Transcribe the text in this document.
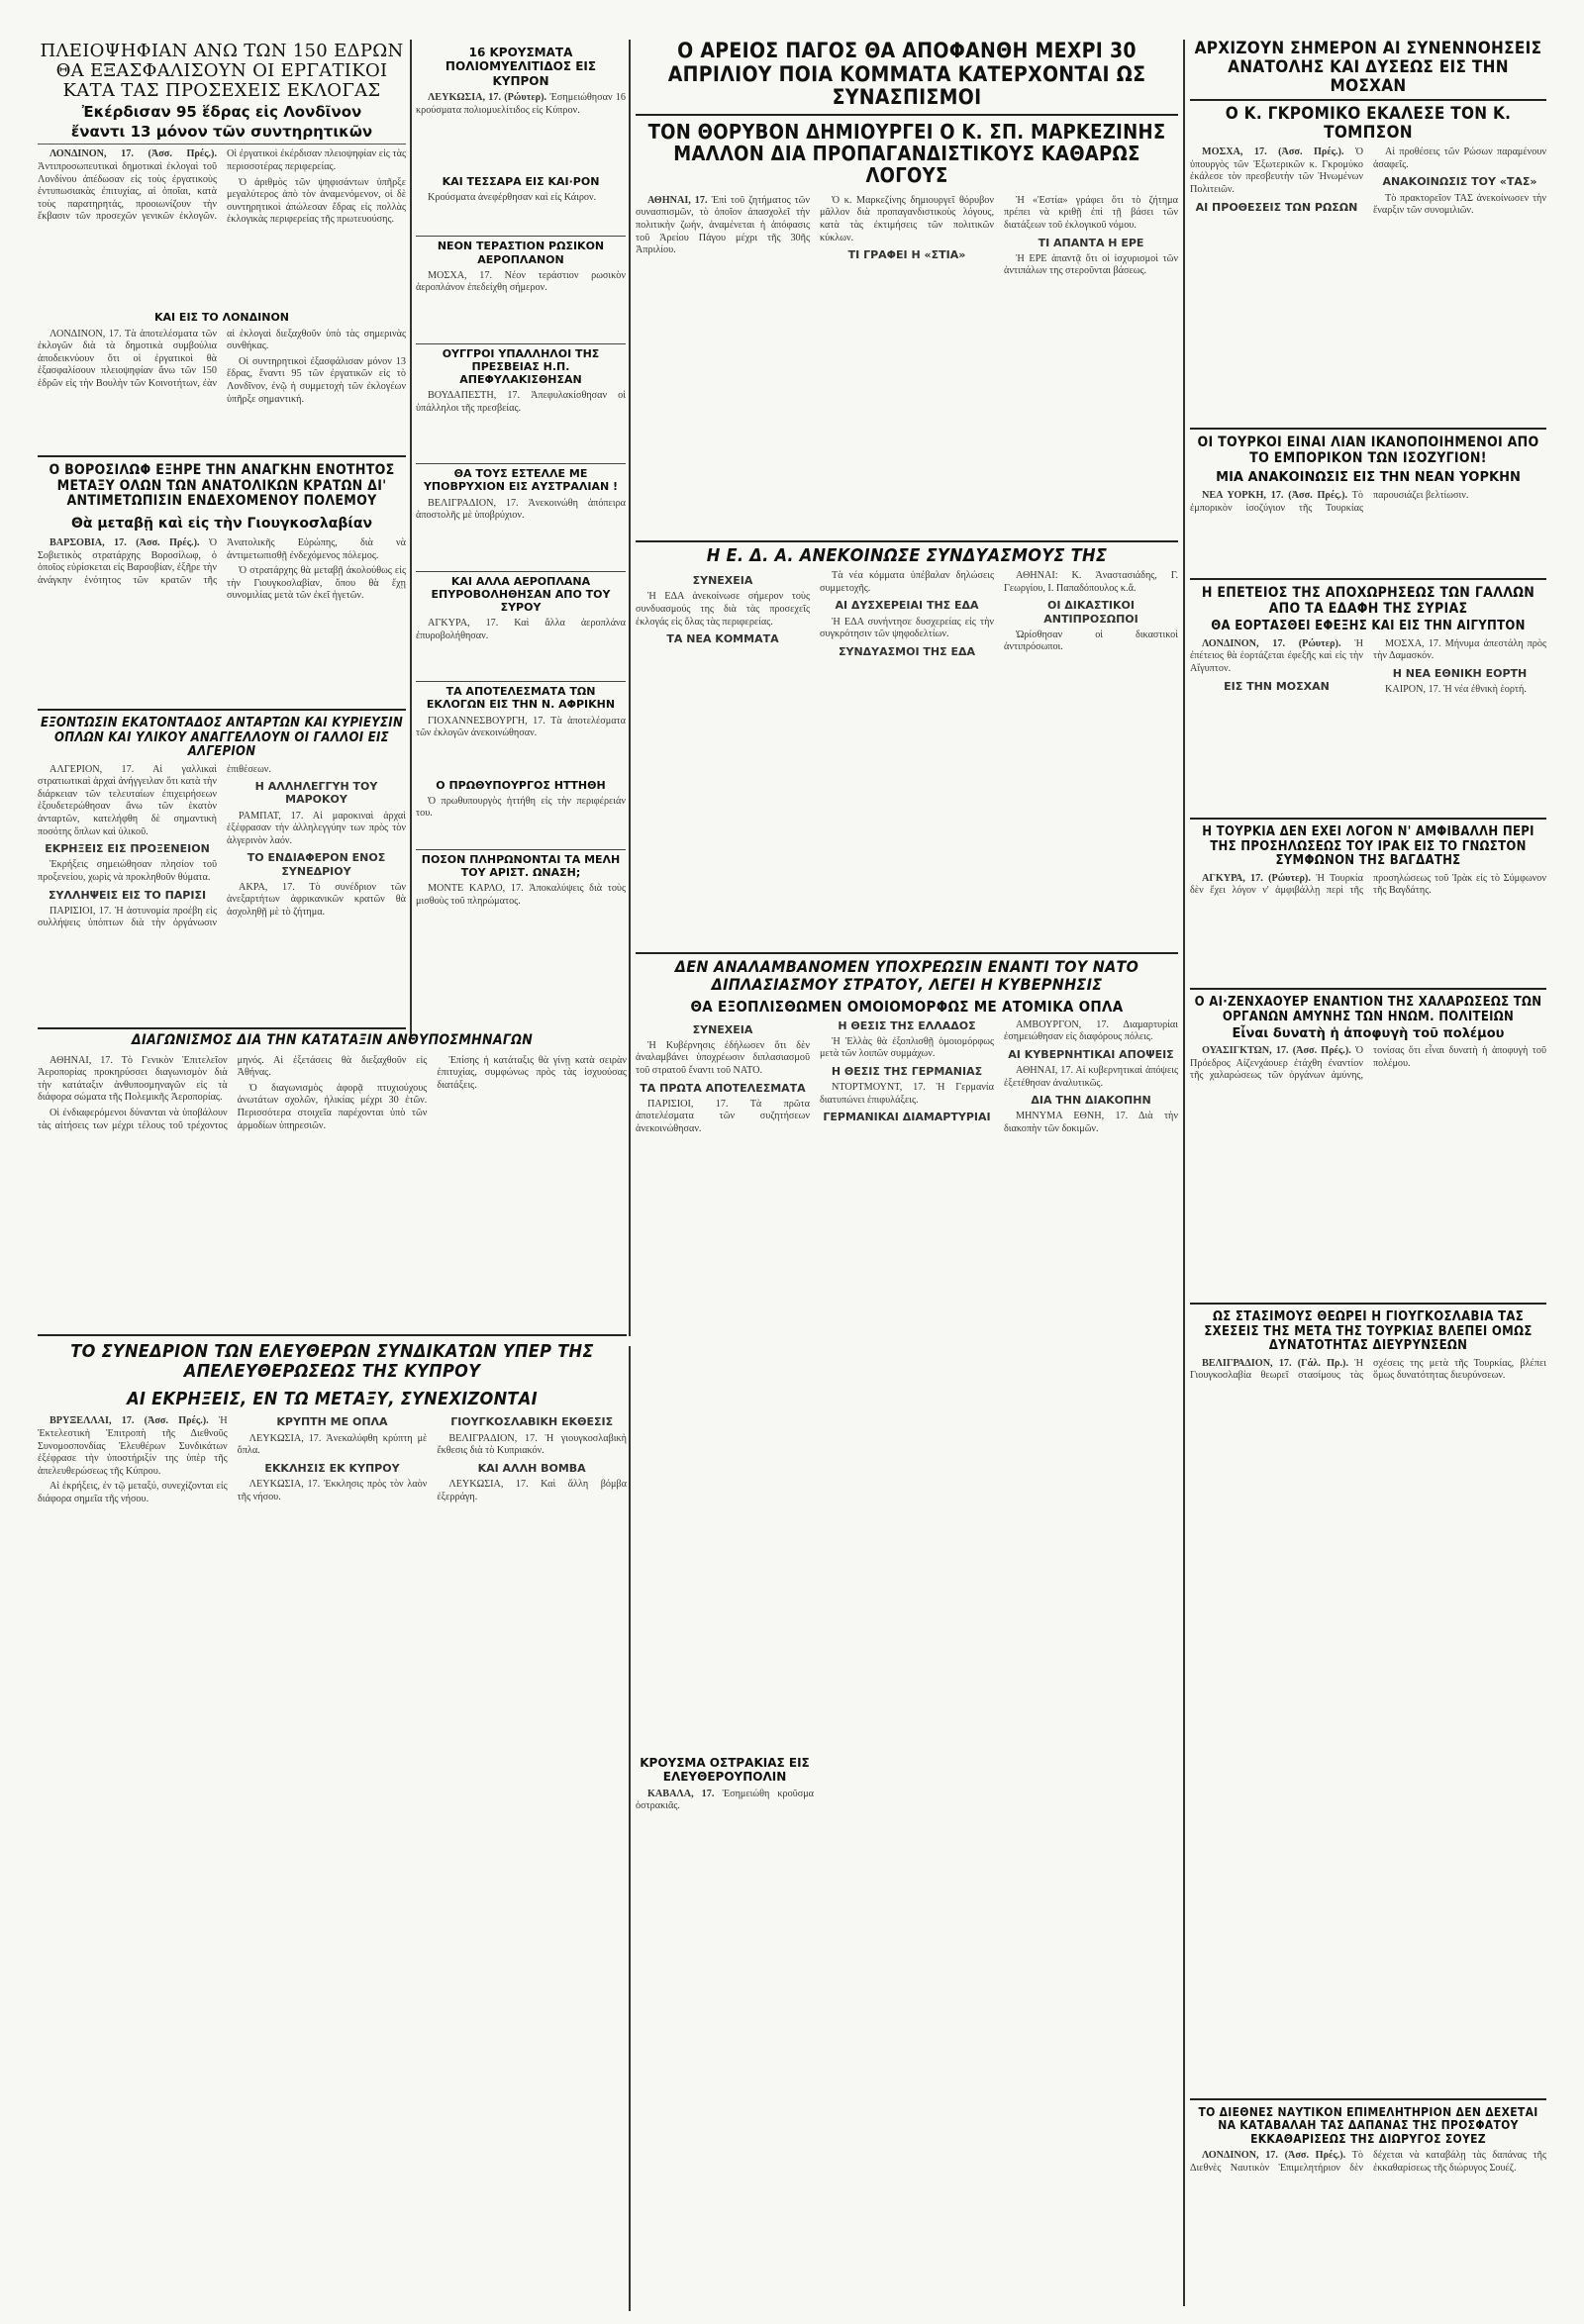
ΠΛΕΙΟΨΗΦΙΑΝ ΑΝΩ ΤΩΝ 150 ΕΔΡΩΝ ΘΑ ΕΞΑΣΦΑΛΙΣΟΥΝ ΟΙ ΕΡΓΑΤΙΚΟΙ ΚΑΤΑ ΤΑΣ ΠΡΟΣΕΧΕΙΣ ΕΚΛΟΓΑΣ
Ἐκέρδισαν 95 ἕδρας εἰς Λονδῖνον
ἔναντι 13 μόνον τῶν συντηρητικῶν

ΛΟΝΔΙΝΟΝ, 17. (Ἀσσ. Πρές.). Ἀντιπροσωπευτικαὶ δημοτικαὶ ἐκλογαὶ τοῦ Λονδίνου ἀπέδωσαν εἰς τοὺς ἐργατικοὺς ἐντυπωσιακὰς ἐπιτυχίας, αἱ ὁποῖαι, κατὰ τοὺς παρατηρητάς, προοιωνίζουν τὴν ἔκβασιν τῶν προσεχῶν γενικῶν ἐκλογῶν. Οἱ ἐργατικοὶ ἐκέρδισαν πλειοψηφίαν εἰς τὰς περισσοτέρας περιφερείας.

Ὁ ἀριθμὸς τῶν ψηφισάντων ὑπῆρξε μεγαλύτερος ἀπὸ τὸν ἀναμενόμενον, οἱ δὲ συντηρητικοὶ ἀπώλεσαν ἕδρας εἰς πολλὰς ἐκλογικὰς περιφερείας τῆς πρωτευούσης.

ΚΑΙ ΕΙΣ ΤΟ ΛΟΝΔΙΝΟΝ

ΛΟΝΔΙΝΟΝ, 17. Τὰ ἀποτελέσματα τῶν ἐκλογῶν διὰ τὰ δημοτικὰ συμβούλια ἀποδεικνύουν ὅτι οἱ ἐργατικοὶ θὰ ἐξασφαλίσουν πλειοψηφίαν ἄνω τῶν 150 ἑδρῶν εἰς τὴν Βουλὴν τῶν Κοινοτήτων, ἐὰν αἱ ἐκλογαὶ διεξαχθοῦν ὑπὸ τὰς σημερινὰς συνθήκας.

Οἱ συντηρητικοὶ ἐξασφάλισαν μόνον 13 ἕδρας, ἔναντι 95 τῶν ἐργατικῶν εἰς τὸ Λονδῖνον, ἐνῷ ἡ συμμετοχὴ τῶν ἐκλογέων ὑπῆρξε σημαντική.

Ο ΒΟΡΟΣΙΛΩΦ ΕΞΗΡΕ ΤΗΝ ΑΝΑΓΚΗΝ ΕΝΟΤΗΤΟΣ ΜΕΤΑΞΥ ΟΛΩΝ ΤΩΝ ΑΝΑΤΟΛΙΚΩΝ ΚΡΑΤΩΝ ΔΙ' ΑΝΤΙΜΕΤΩΠΙΣΙΝ ΕΝΔΕΧΟΜΕΝΟΥ ΠΟΛΕΜΟΥ
Θὰ μεταβῇ καὶ εἰς τὴν Γιουγκοσλαβίαν

ΒΑΡΣΟΒΙΑ, 17. (Ἀσσ. Πρές.). Ὁ Σοβιετικὸς στρατάρχης Βοροσίλωφ, ὁ ὁποῖος εὑρίσκεται εἰς Βαρσοβίαν, ἐξῆρε τὴν ἀνάγκην ἑνότητος τῶν κρατῶν τῆς Ἀνατολικῆς Εὐρώπης, διὰ νὰ ἀντιμετωπισθῇ ἐνδεχόμενος πόλεμος.

Ὁ στρατάρχης θὰ μεταβῇ ἀκολούθως εἰς τὴν Γιουγκοσλαβίαν, ὅπου θὰ ἔχῃ συνομιλίας μετὰ τῶν ἐκεῖ ἡγετῶν.

ΕΞΟΝΤΩΣΙΝ ΕΚΑΤΟΝΤΑΔΟΣ ΑΝΤΑΡΤΩΝ ΚΑΙ ΚΥΡΙΕΥΣΙΝ ΟΠΛΩΝ ΚΑΙ ΥΛΙΚΟΥ ΑΝΑΓΓΕΛΛΟΥΝ ΟΙ ΓΑΛΛΟΙ ΕΙΣ ΑΛΓΕΡΙΟΝ

ΑΛΓΕΡΙΟΝ, 17. Αἱ γαλλικαὶ στρατιωτικαὶ ἀρχαὶ ἀνήγγειλαν ὅτι κατὰ τὴν διάρκειαν τῶν τελευταίων ἐπιχειρήσεων ἐξουδετερώθησαν ἄνω τῶν ἑκατὸν ἀνταρτῶν, κατελήφθη δὲ σημαντικὴ ποσότης ὅπλων καὶ ὑλικοῦ.

ΕΚΡΗΞΕΙΣ ΕΙΣ ΠΡΟΞΕΝΕΙΟΝ

Ἐκρήξεις σημειώθησαν πλησίον τοῦ προξενείου, χωρὶς νὰ προκληθοῦν θύματα.

ΣΥΛΛΗΨΕΙΣ ΕΙΣ ΤΟ ΠΑΡΙΣΙ

ΠΑΡΙΣΙΟΙ, 17. Ἡ ἀστυνομία προέβη εἰς συλλήψεις ὑπόπτων διὰ τὴν ὀργάνωσιν ἐπιθέσεων.

Η ΑΛΛΗΛΕΓΓΥΗ ΤΟΥ ΜΑΡΟΚΟΥ

ΡΑΜΠΑΤ, 17. Αἱ μαροκιναὶ ἀρχαὶ ἐξέφρασαν τὴν ἀλληλεγγύην των πρὸς τὸν ἀλγερινὸν λαόν.

ΤΟ ΕΝΔΙΑΦΕΡΟΝ ΕΝΟΣ ΣΥΝΕΔΡΙΟΥ

ΑΚΡΑ, 17. Τὸ συνέδριον τῶν ἀνεξαρτήτων ἀφρικανικῶν κρατῶν θὰ ἀσχοληθῇ μὲ τὸ ζήτημα.

ΔΙΑΓΩΝΙΣΜΟΣ ΔΙΑ ΤΗΝ ΚΑΤΑΤΑΞΙΝ ΑΝΘΥΠΟΣΜΗΝΑΓΩΝ

ΑΘΗΝΑΙ, 17. Τὸ Γενικὸν Ἐπιτελεῖον Ἀεροπορίας προκηρύσσει διαγωνισμὸν διὰ τὴν κατάταξιν ἀνθυποσμηναγῶν εἰς τὰ διάφορα σώματα τῆς Πολεμικῆς Ἀεροπορίας.

Οἱ ἐνδιαφερόμενοι δύνανται νὰ ὑποβάλουν τὰς αἰτήσεις των μέχρι τέλους τοῦ τρέχοντος μηνός. Αἱ ἐξετάσεις θὰ διεξαχθοῦν εἰς Ἀθήνας.

Ὁ διαγωνισμὸς ἀφορᾷ πτυχιούχους ἀνωτάτων σχολῶν, ἡλικίας μέχρι 30 ἐτῶν. Περισσότερα στοιχεῖα παρέχονται ὑπὸ τῶν ἀρμοδίων ὑπηρεσιῶν.

Ἐπίσης ἡ κατάταξις θὰ γίνῃ κατὰ σειρὰν ἐπιτυχίας, συμφώνως πρὸς τὰς ἰσχυούσας διατάξεις.

16 ΚΡΟΥΣΜΑΤΑ ΠΟΛΙΟΜΥΕΛΙΤΙΔΟΣ ΕΙΣ ΚΥΠΡΟΝ

ΛΕΥΚΩΣΙΑ, 17. (Ρώυτερ). Ἐσημειώθησαν 16 κρούσματα πολιομυελίτιδος εἰς Κύπρον.

ΚΑΙ ΤΕΣΣΑΡΑ ΕΙΣ ΚΑΙ·ΡΟΝ

Κρούσματα ἀνεφέρθησαν καὶ εἰς Κάιρον.

ΝΕΟΝ ΤΕΡΑΣΤΙΟΝ ΡΩΣΙΚΟΝ ΑΕΡΟΠΛΑΝΟΝ

ΜΟΣΧΑ, 17. Νέον τεράστιον ρωσικὸν ἀεροπλάνον ἐπεδείχθη σήμερον.

ΟΥΓΓΡΟΙ ΥΠΑΛΛΗΛΟΙ ΤΗΣ ΠΡΕΣΒΕΙΑΣ Η.Π. ΑΠΕΦΥΛΑΚΙΣΘΗΣΑΝ

ΒΟΥΔΑΠΕΣΤΗ, 17. Ἀπεφυλακίσθησαν οἱ ὑπάλληλοι τῆς πρεσβείας.

ΘΑ ΤΟΥΣ ΕΣΤΕΛΛΕ ΜΕ ΥΠΟΒΡΥΧΙΟΝ ΕΙΣ ΑΥΣΤΡΑΛΙΑΝ !

ΒΕΛΙΓΡΑΔΙΟΝ, 17. Ἀνεκοινώθη ἀπόπειρα ἀποστολῆς μὲ ὑποβρύχιον.

ΚΑΙ ΑΛΛΑ ΑΕΡΟΠΛΑΝΑ ΕΠΥΡΟΒΟΛΗΘΗΣΑΝ ΑΠΟ ΤΟΥ ΣΥΡΟΥ

ΑΓΚΥΡΑ, 17. Καὶ ἄλλα ἀεροπλάνα ἐπυροβολήθησαν.

ΤΑ ΑΠΟΤΕΛΕΣΜΑΤΑ ΤΩΝ ΕΚΛΟΓΩΝ ΕΙΣ ΤΗΝ Ν. ΑΦΡΙΚΗΝ

ΓΙΟΧΑΝΝΕΣΒΟΥΡΓΗ, 17. Τὰ ἀποτελέσματα τῶν ἐκλογῶν ἀνεκοινώθησαν.

Ο ΠΡΩΘΥΠΟΥΡΓΟΣ ΗΤΤΗΘΗ

Ὁ πρωθυπουργὸς ἡττήθη εἰς τὴν περιφέρειάν του.

ΠΟΣΟΝ ΠΛΗΡΩΝΟΝΤΑΙ ΤΑ ΜΕΛΗ ΤΟΥ ΑΡΙΣΤ. ΩΝΑΣΗ;

ΜΟΝΤΕ ΚΑΡΛΟ, 17. Ἀποκαλύψεις διὰ τοὺς μισθοὺς τοῦ πληρώματος.

Ο ΑΡΕΙΟΣ ΠΑΓΟΣ ΘΑ ΑΠΟΦΑΝΘΗ ΜΕΧΡΙ 30 ΑΠΡΙΛΙΟΥ ΠΟΙΑ ΚΟΜΜΑΤΑ ΚΑΤΕΡΧΟΝΤΑΙ ΩΣ ΣΥΝΑΣΠΙΣΜΟΙ
ΤΟΝ ΘΟΡΥΒΟΝ ΔΗΜΙΟΥΡΓΕΙ Ο Κ. ΣΠ. ΜΑΡΚΕΖΙΝΗΣ ΜΑΛΛΟΝ ΔΙΑ ΠΡΟΠΑΓΑΝΔΙΣΤΙΚΟΥΣ ΚΑΘΑΡΩΣ ΛΟΓΟΥΣ

ΑΘΗΝΑΙ, 17. Ἐπὶ τοῦ ζητήματος τῶν συνασπισμῶν, τὸ ὁποῖον ἀπασχολεῖ τὴν πολιτικὴν ζωήν, ἀναμένεται ἡ ἀπόφασις τοῦ Ἀρείου Πάγου μέχρι τῆς 30ῆς Ἀπριλίου.

Ὁ κ. Μαρκεζίνης δημιουργεῖ θόρυβον μᾶλλον διὰ προπαγανδιστικοὺς λόγους, κατὰ τὰς ἐκτιμήσεις τῶν πολιτικῶν κύκλων.

ΤΙ ΓΡΑΦΕΙ Η «ΣΤΙΑ»

Ἡ «Ἑστία» γράφει ὅτι τὸ ζήτημα πρέπει νὰ κριθῇ ἐπὶ τῇ βάσει τῶν διατάξεων τοῦ ἐκλογικοῦ νόμου.

ΤΙ ΑΠΑΝΤΑ Η ΕΡΕ

Ἡ ΕΡΕ ἀπαντᾷ ὅτι οἱ ἰσχυρισμοὶ τῶν ἀντιπάλων της στεροῦνται βάσεως.

Η Ε. Δ. Α. ΑΝΕΚΟΙΝΩΣΕ ΣΥΝΔΥΑΣΜΟΥΣ ΤΗΣ
ΣΥΝΕΧΕΙΑ

Ἡ ΕΔΑ ἀνεκοίνωσε σήμερον τοὺς συνδυασμούς της διὰ τὰς προσεχεῖς ἐκλογάς εἰς ὅλας τὰς περιφερείας.

ΤΑ ΝΕΑ ΚΟΜΜΑΤΑ

Τὰ νέα κόμματα ὑπέβαλαν δηλώσεις συμμετοχῆς.

ΑΙ ΔΥΣΧΕΡΕΙΑΙ ΤΗΣ ΕΔΑ

Ἡ ΕΔΑ συνήντησε δυσχερείας εἰς τὴν συγκρότησιν τῶν ψηφοδελτίων.

ΣΥΝΔΥΑΣΜΟΙ ΤΗΣ ΕΔΑ

ΑΘΗΝΑΙ: Κ. Ἀναστασιάδης, Γ. Γεωργίου, Ι. Παπαδόπουλος κ.ἄ.

ΟΙ ΔΙΚΑΣΤΙΚΟΙ ΑΝΤΙΠΡΟΣΩΠΟΙ

Ὡρίσθησαν οἱ δικαστικοὶ ἀντιπρόσωποι.

ΔΕΝ ΑΝΑΛΑΜΒΑΝΟΜΕΝ ΥΠΟΧΡΕΩΣΙΝ ΕΝΑΝΤΙ ΤΟΥ ΝΑΤΟ ΔΙΠΛΑΣΙΑΣΜΟΥ ΣΤΡΑΤΟΥ, ΛΕΓΕΙ Η ΚΥΒΕΡΝΗΣΙΣ
ΘΑ ΕΞΟΠΛΙΣΘΩΜΕΝ ΟΜΟΙΟΜΟΡΦΩΣ ΜΕ ΑΤΟΜΙΚΑ ΟΠΛΑ
ΣΥΝΕΧΕΙΑ

Ἡ Κυβέρνησις ἐδήλωσεν ὅτι δὲν ἀναλαμβάνει ὑποχρέωσιν διπλασιασμοῦ τοῦ στρατοῦ ἔναντι τοῦ ΝΑΤΟ.

ΤΑ ΠΡΩΤΑ ΑΠΟΤΕΛΕΣΜΑΤΑ

ΠΑΡΙΣΙΟΙ, 17. Τὰ πρῶτα ἀποτελέσματα τῶν συζητήσεων ἀνεκοινώθησαν.

Η ΘΕΣΙΣ ΤΗΣ ΕΛΛΑΔΟΣ

Ἡ Ἑλλὰς θὰ ἐξοπλισθῇ ὁμοιομόρφως μετὰ τῶν λοιπῶν συμμάχων.

Η ΘΕΣΙΣ ΤΗΣ ΓΕΡΜΑΝΙΑΣ

ΝΤΟΡΤΜΟΥΝΤ, 17. Ἡ Γερμανία διατυπώνει ἐπιφυλάξεις.

ΓΕΡΜΑΝΙΚΑΙ ΔΙΑΜΑΡΤΥΡΙΑΙ

ΑΜΒΟΥΡΓΟΝ, 17. Διαμαρτυρίαι ἐσημειώθησαν εἰς διαφόρους πόλεις.

ΑΙ ΚΥΒΕΡΝΗΤΙΚΑΙ ΑΠΟΨΕΙΣ

ΑΘΗΝΑΙ, 17. Αἱ κυβερνητικαὶ ἀπόψεις ἐξετέθησαν ἀναλυτικῶς.

ΔΙΑ ΤΗΝ ΔΙΑΚΟΠΗΝ

ΜΗΝΥΜΑ ΕΘΝΗ, 17. Διὰ τὴν διακοπὴν τῶν δοκιμῶν.

ΚΡΟΥΣΜΑ ΟΣΤΡΑΚΙΑΣ ΕΙΣ ΕΛΕΥΘΕΡΟΥΠΟΛΙΝ

ΚΑΒΑΛΑ, 17. Ἐσημειώθη κροῦσμα ὀστρακιᾶς.

ΤΟ ΣΥΝΕΔΡΙΟΝ ΤΩΝ ΕΛΕΥΘΕΡΩΝ ΣΥΝΔΙΚΑΤΩΝ ΥΠΕΡ ΤΗΣ ΑΠΕΛΕΥΘΕΡΩΣΕΩΣ ΤΗΣ ΚΥΠΡΟΥ
ΑΙ ΕΚΡΗΞΕΙΣ, ΕΝ ΤΩ ΜΕΤΑΞΥ, ΣΥΝΕΧΙΖΟΝΤΑΙ

ΒΡΥΞΕΛΛΑΙ, 17. (Ἀσσ. Πρές.). Ἡ Ἐκτελεστικὴ Ἐπιτροπὴ τῆς Διεθνοῦς Συνομοσπονδίας Ἐλευθέρων Συνδικάτων ἐξέφρασε τὴν ὑποστήριξίν της ὑπὲρ τῆς ἀπελευθερώσεως τῆς Κύπρου.

Αἱ ἐκρήξεις, ἐν τῷ μεταξύ, συνεχίζονται εἰς διάφορα σημεῖα τῆς νήσου.

ΚΡΥΠΤΗ ΜΕ ΟΠΛΑ

ΛΕΥΚΩΣΙΑ, 17. Ἀνεκαλύφθη κρύπτη μὲ ὅπλα.

ΕΚΚΛΗΣΙΣ ΕΚ ΚΥΠΡΟΥ

ΛΕΥΚΩΣΙΑ, 17. Ἐκκλησις πρὸς τὸν λαὸν τῆς νήσου.

ΓΙΟΥΓΚΟΣΛΑΒΙΚΗ ΕΚΘΕΣΙΣ

ΒΕΛΙΓΡΑΔΙΟΝ, 17. Ἡ γιουγκοσλαβικὴ ἔκθεσις διὰ τὸ Κυπριακόν.

ΚΑΙ ΑΛΛΗ ΒΟΜΒΑ

ΛΕΥΚΩΣΙΑ, 17. Καὶ ἄλλη βόμβα ἐξερράγη.

ΑΡΧΙΖΟΥΝ ΣΗΜΕΡΟΝ ΑΙ ΣΥΝΕΝΝΟΗΣΕΙΣ ΑΝΑΤΟΛΗΣ ΚΑΙ ΔΥΣΕΩΣ ΕΙΣ ΤΗΝ ΜΟΣΧΑΝ
Ο Κ. ΓΚΡΟΜΙΚΟ ΕΚΑΛΕΣΕ ΤΟΝ Κ. ΤΟΜΠΣΟΝ

ΜΟΣΧΑ, 17. (Ἀσσ. Πρές.). Ὁ ὑπουργὸς τῶν Ἐξωτερικῶν κ. Γκρομύκο ἐκάλεσε τὸν πρεσβευτὴν τῶν Ἡνωμένων Πολιτειῶν.

ΑΙ ΠΡΟΘΕΣΕΙΣ ΤΩΝ ΡΩΣΩΝ

Αἱ προθέσεις τῶν Ρώσων παραμένουν ἀσαφεῖς.

ΑΝΑΚΟΙΝΩΣΙΣ ΤΟΥ «ΤΑΣ»

Τὸ πρακτορεῖον ΤΑΣ ἀνεκοίνωσεν τὴν ἔναρξιν τῶν συνομιλιῶν.

ΟΙ ΤΟΥΡΚΟΙ ΕΙΝΑΙ ΛΙΑΝ ΙΚΑΝΟΠΟΙΗΜΕΝΟΙ ΑΠΟ ΤΟ ΕΜΠΟΡΙΚΟΝ ΤΩΝ ΙΣΟΖΥΓΙΟΝ!
ΜΙΑ ΑΝΑΚΟΙΝΩΣΙΣ ΕΙΣ ΤΗΝ ΝΕΑΝ ΥΟΡΚΗΝ

ΝΕΑ ΥΟΡΚΗ, 17. (Ἀσσ. Πρές.). Τὸ ἐμπορικὸν ἰσοζύγιον τῆς Τουρκίας παρουσιάζει βελτίωσιν.

Η ΕΠΕΤΕΙΟΣ ΤΗΣ ΑΠΟΧΩΡΗΣΕΩΣ ΤΩΝ ΓΑΛΛΩΝ ΑΠΟ ΤΑ ΕΔΑΦΗ ΤΗΣ ΣΥΡΙΑΣ
ΘΑ ΕΟΡΤΑΣΘΕΙ ΕΦΕΞΗΣ ΚΑΙ ΕΙΣ ΤΗΝ ΑΙΓΥΠΤΟΝ

ΛΟΝΔΙΝΟΝ, 17. (Ρώυτερ). Ἡ ἐπέτειος θὰ ἑορτάζεται ἐφεξῆς καὶ εἰς τὴν Αἴγυπτον.

ΕΙΣ ΤΗΝ ΜΟΣΧΑΝ

ΜΟΣΧΑ, 17. Μήνυμα ἀπεστάλη πρὸς τὴν Δαμασκόν.

Η ΝΕΑ ΕΘΝΙΚΗ ΕΟΡΤΗ

ΚΑΙΡΟΝ, 17. Ἡ νέα ἐθνικὴ ἑορτή.

Η ΤΟΥΡΚΙΑ ΔΕΝ ΕΧΕΙ ΛΟΓΟΝ Ν' ΑΜΦΙΒΑΛΛΗ ΠΕΡΙ ΤΗΣ ΠΡΟΣΗΛΩΣΕΩΣ ΤΟΥ ΙΡΑΚ ΕΙΣ ΤΟ ΓΝΩΣΤΟΝ ΣΥΜΦΩΝΟΝ ΤΗΣ ΒΑΓΔΑΤΗΣ

ΑΓΚΥΡΑ, 17. (Ρώυτερ). Ἡ Τουρκία δὲν ἔχει λόγον ν' ἀμφιβάλλῃ περὶ τῆς προσηλώσεως τοῦ Ἰρὰκ εἰς τὸ Σύμφωνον τῆς Βαγδάτης.

Ο ΑΙ·ΖΕΝΧΑΟΥΕΡ ΕΝΑΝΤΙΟΝ ΤΗΣ ΧΑΛΑΡΩΣΕΩΣ ΤΩΝ ΟΡΓΑΝΩΝ ΑΜΥΝΗΣ ΤΩΝ ΗΝΩΜ. ΠΟΛΙΤΕΙΩΝ
Εἶναι δυνατὴ ἡ ἀποφυγὴ τοῦ πολέμου

ΟΥΑΣΙΓΚΤΩΝ, 17. (Ἀσσ. Πρές.). Ὁ Πρόεδρος Αἰζενχάουερ ἐτάχθη ἐναντίον τῆς χαλαρώσεως τῶν ὀργάνων ἀμύνης, τονίσας ὅτι εἶναι δυνατὴ ἡ ἀποφυγὴ τοῦ πολέμου.

ΩΣ ΣΤΑΣΙΜΟΥΣ ΘΕΩΡΕΙ Η ΓΙΟΥΓΚΟΣΛΑΒΙΑ ΤΑΣ ΣΧΕΣΕΙΣ ΤΗΣ ΜΕΤΑ ΤΗΣ ΤΟΥΡΚΙΑΣ ΒΛΕΠΕΙ ΟΜΩΣ ΔΥΝΑΤΟΤΗΤΑΣ ΔΙΕΥΡΥΝΣΕΩΝ

ΒΕΛΙΓΡΑΔΙΟΝ, 17. (Γάλ. Πρ.). Ἡ Γιουγκοσλαβία θεωρεῖ στασίμους τὰς σχέσεις της μετὰ τῆς Τουρκίας, βλέπει ὅμως δυνατότητας διευρύνσεων.

ΤΟ ΔΙΕΘΝΕΣ ΝΑΥΤΙΚΟΝ ΕΠΙΜΕΛΗΤΗΡΙΟΝ ΔΕΝ ΔΕΧΕΤΑΙ ΝΑ ΚΑΤΑΒΑΛΑΗ ΤΑΣ ΔΑΠΑΝΑΣ ΤΗΣ ΠΡΟΣΦΑΤΟΥ ΕΚΚΑΘΑΡΙΣΕΩΣ ΤΗΣ ΔΙΩΡΥΓΟΣ ΣΟΥΕΖ

ΛΟΝΔΙΝΟΝ, 17. (Ἀσσ. Πρές.). Τὸ Διεθνὲς Ναυτικὸν Ἐπιμελητήριον δὲν δέχεται νὰ καταβάλῃ τὰς δαπάνας τῆς ἐκκαθαρίσεως τῆς διώρυγος Σουέζ.
